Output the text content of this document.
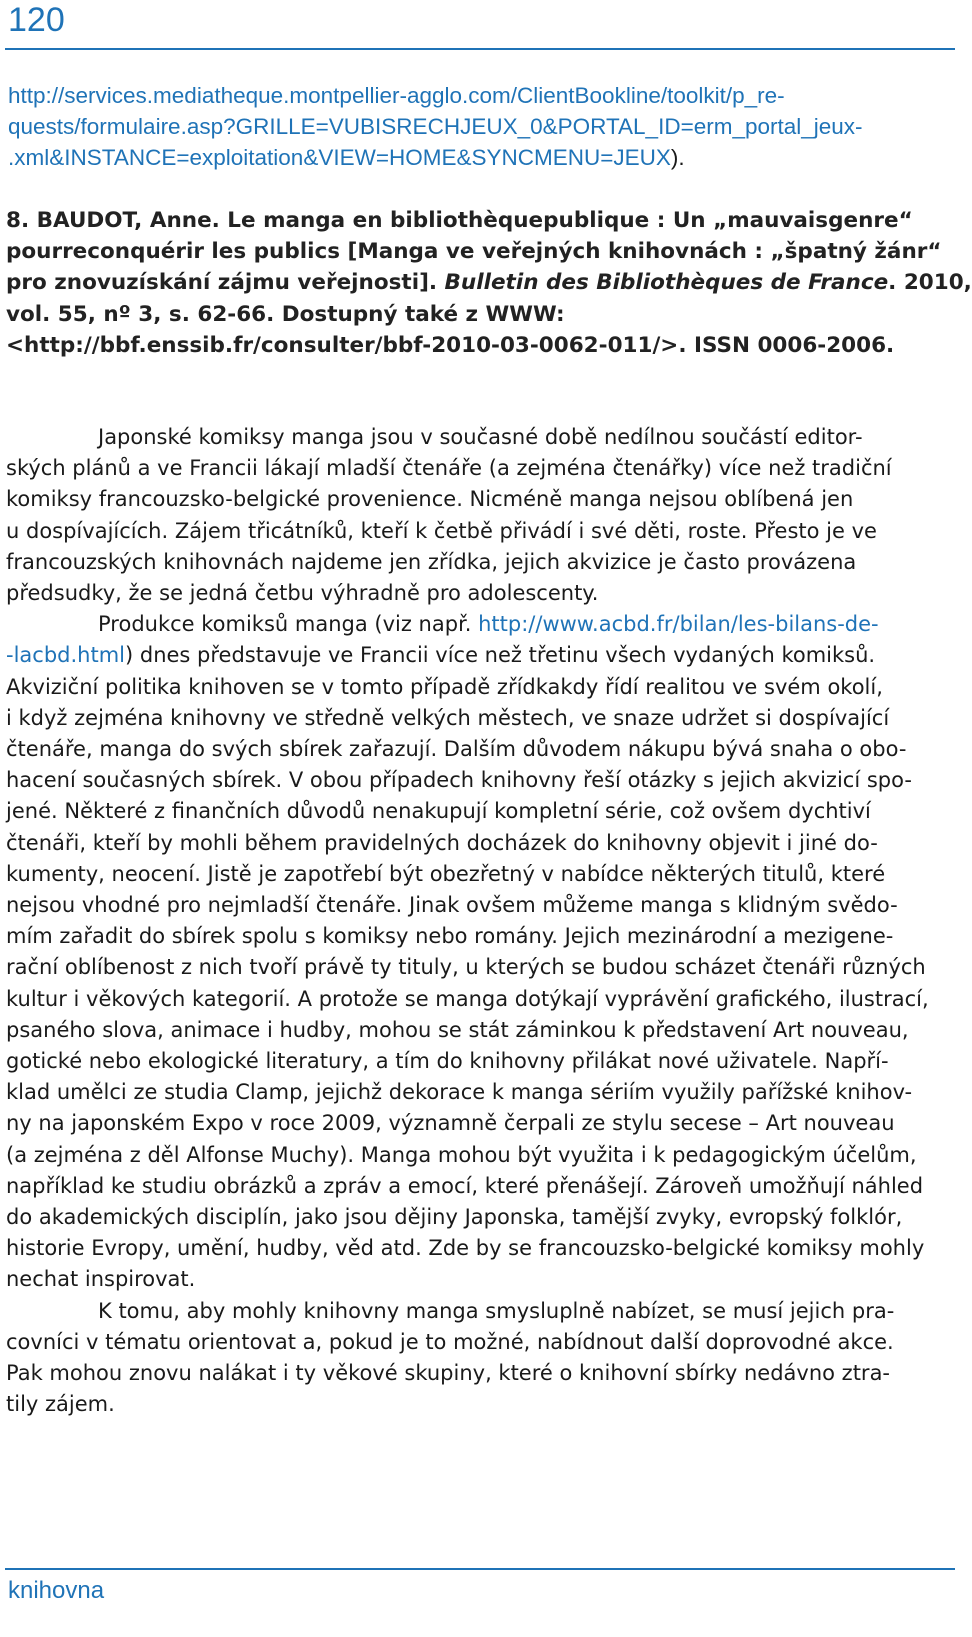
120
http://services.mediatheque.montpellier-agglo.com/ClientBookline/toolkit/p_re-
quests/formulaire.asp?GRILLE=VUBISRECHJEUX_0&PORTAL_ID=erm_portal_jeux-
.xml&INSTANCE=exploitation&VIEW=HOME&SYNCMENU=JEUX).
8. BAUDOT, Anne. Le manga en bibliothèquepublique : Un „mauvaisgenre“
pourreconquérir les publics [Manga ve veřejných knihovnách : „špatný žánr“
pro znovuzískání zájmu veřejnosti]. Bulletin des Bibliothèques de France. 2010,
vol. 55, nº 3, s. 62-66. Dostupný také z WWW:
<http://bbf.enssib.fr/consulter/bbf-2010-03-0062-011/>. ISSN 0006-2006.
Japonské komiksy manga jsou v současné době nedílnou součástí editor-
ských plánů a ve Francii lákají mladší čtenáře (a zejména čtenářky) více než tradiční
komiksy francouzsko-belgické provenience. Nicméně manga nejsou oblíbená jen
u dospívajících. Zájem třicátníků, kteří k četbě přivádí i své děti, roste. Přesto je ve
francouzských knihovnách najdeme jen zřídka, jejich akvizice je často provázena
předsudky, že se jedná četbu výhradně pro adolescenty.
Produkce komiksů manga (viz např. http://www.acbd.fr/bilan/les-bilans-de-
-lacbd.html) dnes představuje ve Francii více než třetinu všech vydaných komiksů.
Akviziční politika knihoven se v tomto případě zřídkakdy řídí realitou ve svém okolí,
i když zejména knihovny ve středně velkých městech, ve snaze udržet si dospívající
čtenáře, manga do svých sbírek zařazují. Dalším důvodem nákupu bývá snaha o obo-
hacení současných sbírek. V obou případech knihovny řeší otázky s jejich akvizicí spo-
jené. Některé z finančních důvodů nenakupují kompletní série, což ovšem dychtiví
čtenáři, kteří by mohli během pravidelných docházek do knihovny objevit i jiné do-
kumenty, neocení. Jistě je zapotřebí být obezřetný v nabídce některých titulů, které
nejsou vhodné pro nejmladší čtenáře. Jinak ovšem můžeme manga s klidným svědo-
mím zařadit do sbírek spolu s komiksy nebo romány. Jejich mezinárodní a mezigene-
rační oblíbenost z nich tvoří právě ty tituly, u kterých se budou scházet čtenáři různých
kultur i věkových kategorií. A protože se manga dotýkají vyprávění grafického, ilustrací,
psaného slova, animace i hudby, mohou se stát záminkou k představení Art nouveau,
gotické nebo ekologické literatury, a tím do knihovny přilákat nové uživatele. Napří-
klad umělci ze studia Clamp, jejichž dekorace k manga sériím využily pařížské knihov-
ny na japonském Expo v roce 2009, významně čerpali ze stylu secese – Art nouveau
(a zejména z děl Alfonse Muchy). Manga mohou být využita i k pedagogickým účelům,
například ke studiu obrázků a zpráv a emocí, které přenášejí. Zároveň umožňují náhled
do akademických disciplín, jako jsou dějiny Japonska, tamější zvyky, evropský folklór,
historie Evropy, umění, hudby, věd atd. Zde by se francouzsko-belgické komiksy mohly
nechat inspirovat.
K tomu, aby mohly knihovny manga smysluplně nabízet, se musí jejich pra-
covníci v tématu orientovat a, pokud je to možné, nabídnout další doprovodné akce.
Pak mohou znovu nalákat i ty věkové skupiny, které o knihovní sbírky nedávno ztra-
tily zájem.
knihovna
